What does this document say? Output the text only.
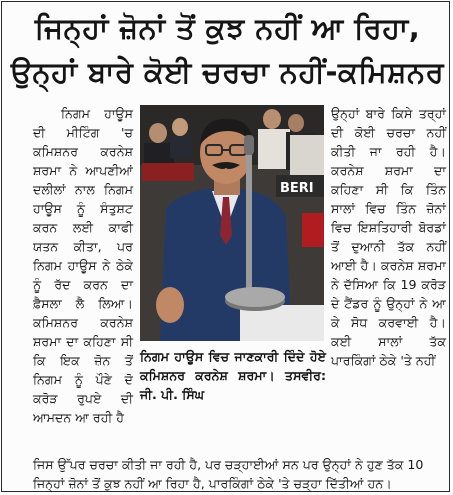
ਜਿਨ੍ਹਾਂ ਜ਼ੋਨਾਂ ਤੋਂ ਕੁਝ ਨਹੀਂ ਆ ਰਿਹਾ,
ਉਨ੍ਹਾਂ ਬਾਰੇ ਕੋਈ ਚਰਚਾ ਨਹੀਂ-ਕਮਿਸ਼ਨਰ

ਨਿਗਮ ਹਾਊਸ ਦੀ ਮੀਟਿੰਗ 'ਚ ਕਮਿਸ਼ਨਰ ਕਰਨੇਸ਼ ਸ਼ਰਮਾ ਨੇ ਆਪਣੀਆਂ ਦਲੀਲਾਂ ਨਾਲ ਨਿਗਮ ਹਾਊਸ ਨੂੰ ਸੰਤੁਸ਼ਟ ਕਰਨ ਲਈ ਕਾਫੀ ਯਤਨ ਕੀਤਾ, ਪਰ ਨਿਗਮ ਹਾਊਸ ਨੇ ਠੇਕੇ ਨੂੰ ਰੱਦ ਕਰਨ ਦਾ ਫ਼ੈਸਲਾ ਲੈ ਲਿਆ। ਕਮਿਸ਼ਨਰ ਕਰਨੇਸ਼ ਸ਼ਰਮਾ ਦਾ ਕਹਿਣਾ ਸੀ ਕਿ ਇਕ ਜ਼ੋਨ ਤੋਂ ਨਿਗਮ ਨੂੰ ਪੌਣੇ ਦੋ ਕਰੋੜ ਰੁਪਏ ਦੀ ਆਮਦਨ ਆ ਰਹੀ ਹੈ

BERI
ਨਿਗਮ ਹਾਊਸ ਵਿਚ ਜਾਣਕਾਰੀ ਦਿੰਦੇ ਹੋਏ ਕਮਿਸ਼ਨਰ ਕਰਨੇਸ਼ ਸ਼ਰਮਾ। ਤਸਵੀਰ: ਜੀ. ਪੀ. ਸਿੰਘ

ਉਨ੍ਹਾਂ ਬਾਰੇ ਕਿਸੇ ਤਰ੍ਹਾਂ ਦੀ ਕੋਈ ਚਰਚਾ ਨਹੀਂ ਕੀਤੀ ਜਾ ਰਹੀ ਹੈ। ਕਰਨੇਸ਼ ਸ਼ਰਮਾ ਦਾ ਕਹਿਣਾ ਸੀ ਕਿ ਤਿੰਨ ਸਾਲਾਂ ਵਿਚ ਤਿੰਨ ਜ਼ੋਨਾਂ ਵਿਚ ਇਸ਼ਤਿਹਾਰੀ ਬੋਰਡਾਂ ਤੋਂ ਦੁਆਨੀ ਤੱਕ ਨਹੀਂ ਆਈ ਹੈ। ਕਰਨੇਸ਼ ਸ਼ਰਮਾ ਨੇ ਦੱਸਿਆ ਕਿ 19 ਕਰੋੜ ਦੇ ਟੈਂਡਰ ਨੂੰ ਉਨ੍ਹਾਂ ਨੇ ਆ ਕੇ ਸੋਧ ਕਰਵਾਈ ਹੈ। ਕਈ ਸਾਲਾਂ ਤੱਕ ਪਾਰਕਿੰਗਾਂ ਠੇਕੇ 'ਤੇ ਨਹੀਂ

ਜਿਸ ਉੱਪਰ ਚਰਚਾ ਕੀਤੀ ਜਾ ਰਹੀ ਹੈ, ਪਰ ਚੜ੍ਹਾਈਆਂ ਸਨ ਪਰ ਉਨ੍ਹਾਂ ਨੇ ਹੁਣ ਤੱਕ 10
ਜਿਨ੍ਹਾਂ ਜ਼ੋਨਾਂ ਤੋਂ ਕੁਝ ਨਹੀਂ ਆ ਰਿਹਾ ਹੈ, ਪਾਰਕਿੰਗਾਂ ਠੇਕੇ 'ਤੇ ਚੜ੍ਹਾ ਦਿੱਤੀਆਂ ਹਨ।
